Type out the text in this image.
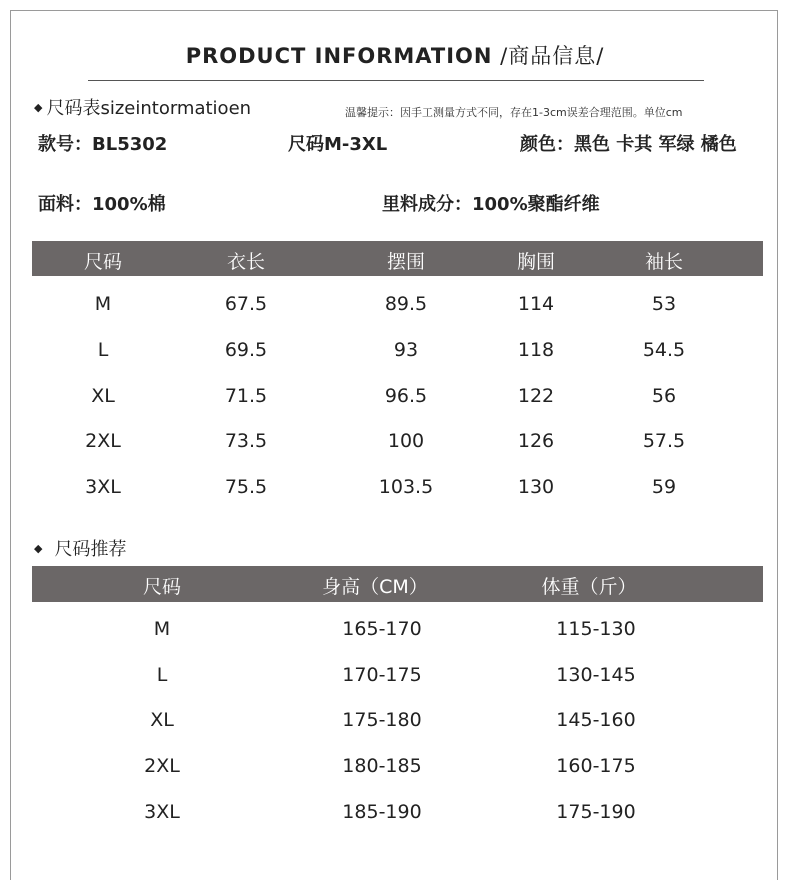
PRODUCT INFORMATION /商品信息/
◆ 尺码表sizeintormatioen	温馨提示：因手工测量方式不同，存在1-3cm误差合理范围。单位cm
款号：BL5302	尺码M-3XL	颜色：黑色 卡其 军绿 橘色
面料：100%棉	里料成分：100%聚酯纤维
尺码	衣长	摆围	胸围	袖长
M	67.5	89.5	114	53
L	69.5	93	118	54.5
XL	71.5	96.5	122	56
2XL	73.5	100	126	57.5
3XL	75.5	103.5	130	59
◆ 尺码推荐
尺码	身高（CM）	体重（斤）
M	165-170	115-130
L	170-175	130-145
XL	175-180	145-160
2XL	180-185	160-175
3XL	185-190	175-190
